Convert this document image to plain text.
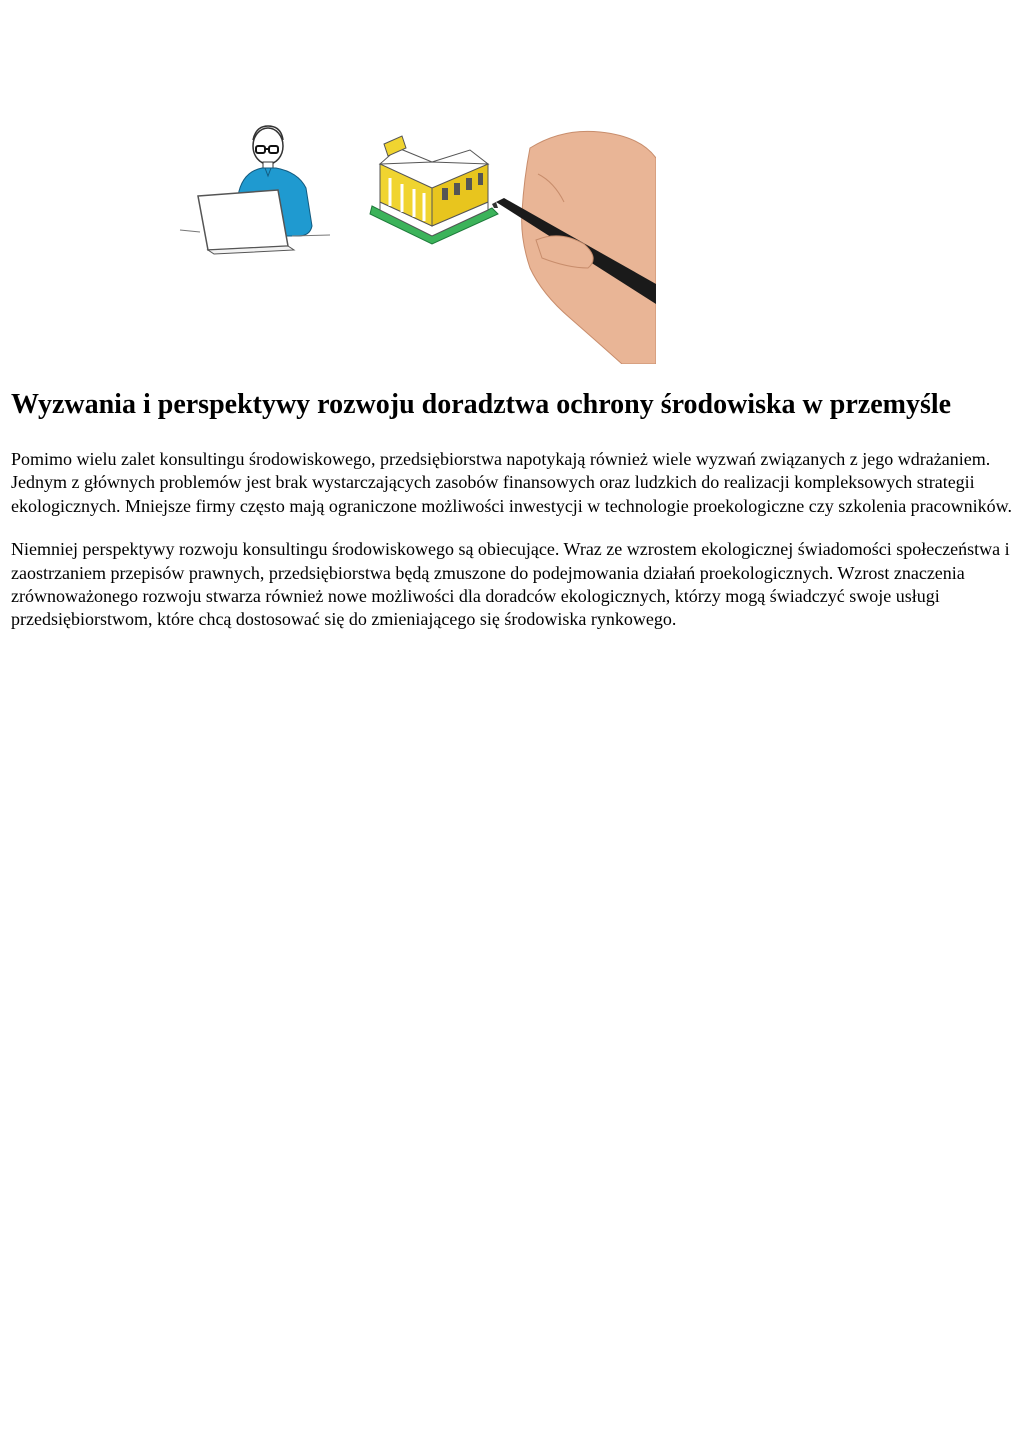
Wyzwania i perspektywy rozwoju doradztwa ochrony środowiska w przemyśle

Pomimo wielu zalet konsultingu środowiskowego, przedsiębiorstwa napotykają również wiele wyzwań związanych z jego wdrażaniem. Jednym z głównych problemów jest brak wystarczających zasobów finansowych oraz ludzkich do realizacji kompleksowych strategii ekologicznych. Mniejsze firmy często mają ograniczone możliwości inwestycji w technologie proekologiczne czy szkolenia pracowników.

Niemniej perspektywy rozwoju konsultingu środowiskowego są obiecujące. Wraz ze wzrostem ekologicznej świadomości społeczeństwa i zaostrzaniem przepisów prawnych, przedsiębiorstwa będą zmuszone do podejmowania działań proekologicznych. Wzrost znaczenia zrównoważonego rozwoju stwarza również nowe możliwości dla doradców ekologicznych, którzy mogą świadczyć swoje usługi przedsiębiorstwom, które chcą dostosować się do zmieniającego się środowiska rynkowego.
